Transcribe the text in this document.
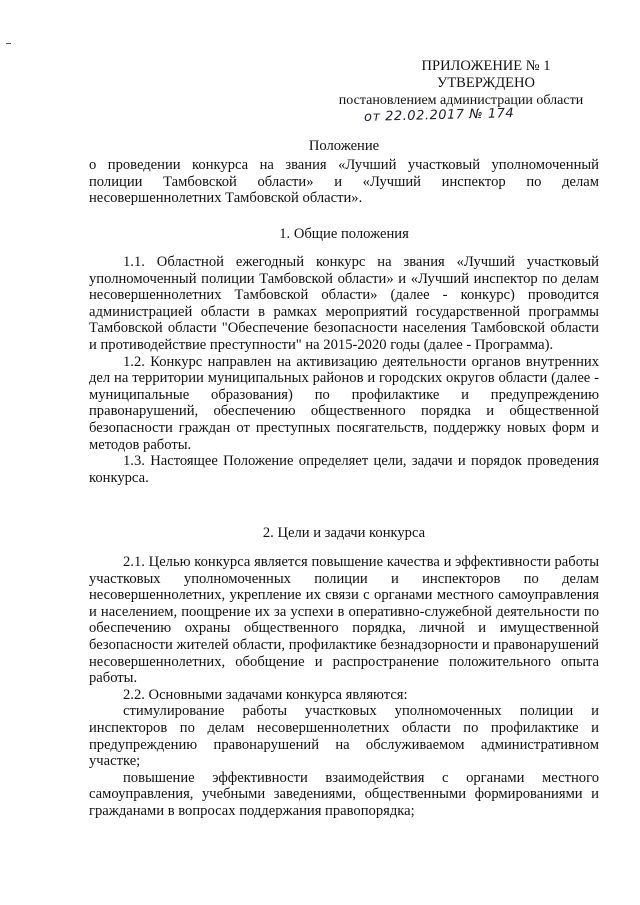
ПРИЛОЖЕНИЕ № 1
УТВЕРЖДЕНО
постановлением администрации области
от 22.02.2017 № 174
Положение
о проведении конкурса на звания «Лучший участковый уполномоченный полиции Тамбовской области» и «Лучший инспектор по делам несовершеннолетних Тамбовской области».
1. Общие положения

1.1. Областной ежегодный конкурс на звания «Лучший участковый уполномоченный полиции Тамбовской области» и «Лучший инспектор по делам несовершеннолетних Тамбовской области» (далее - конкурс) проводится администрацией области в рамках мероприятий государственной программы Тамбовской области "Обеспечение безопасности населения Тамбовской области и противодействие преступности" на 2015-2020 годы (далее - Программа).

1.2. Конкурс направлен на активизацию деятельности органов внутренних дел на территории муниципальных районов и городских округов области (далее - муниципальные образования) по профилактике и предупреждению правонарушений, обеспечению общественного порядка и общественной безопасности граждан от преступных посягательств, поддержку новых форм и методов работы.

1.3. Настоящее Положение определяет цели, задачи и порядок проведения конкурса.

2. Цели и задачи конкурса

2.1. Целью конкурса является повышение качества и эффективности работы участковых уполномоченных полиции и инспекторов по делам несовершеннолетних, укрепление их связи с органами местного самоуправления и населением, поощрение их за успехи в оперативно-служебной деятельности по обеспечению охраны общественного порядка, личной и имущественной безопасности жителей области, профилактике безнадзорности и правонарушений несовершеннолетних, обобщение и распространение положительного опыта работы.

2.2. Основными задачами конкурса являются:

стимулирование работы участковых уполномоченных полиции и инспекторов по делам несовершеннолетних области по профилактике и предупреждению правонарушений на обслуживаемом административном участке;

повышение эффективности взаимодействия с органами местного самоуправления, учебными заведениями, общественными формированиями и гражданами в вопросах поддержания правопорядка;
